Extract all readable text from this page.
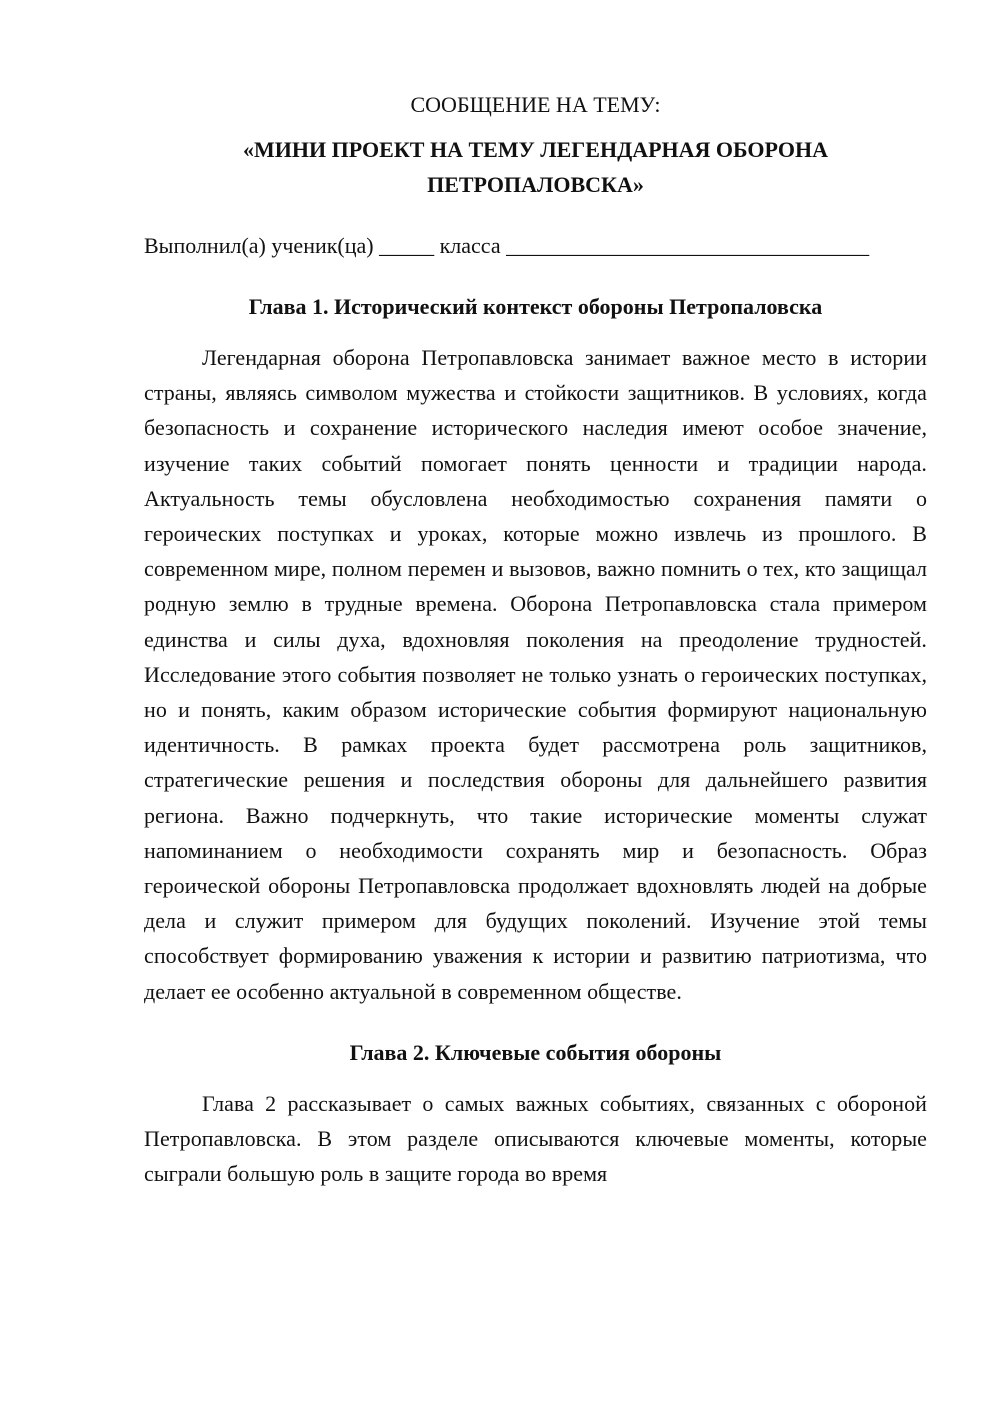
СООБЩЕНИЕ НА ТЕМУ:

«МИНИ ПРОЕКТ НА ТЕМУ ЛЕГЕНДАРНАЯ ОБОРОНА
ПЕТРОПАЛОВСКА»

Выполнил(а) ученик(ца) _____ класса _________________________________

Глава 1. Исторический контекст обороны Петропаловска

Легендарная оборона Петропавловска занимает важное место в истории страны, являясь символом мужества и стойкости защитников. В условиях, когда безопасность и сохранение исторического наследия имеют особое значение, изучение таких событий помогает понять ценности и традиции народа. Актуальность темы обусловлена необходимостью сохранения памяти о героических поступках и уроках, которые можно извлечь из прошлого. В современном мире, полном перемен и вызовов, важно помнить о тех, кто защищал родную землю в трудные времена. Оборона Петропавловска стала примером единства и силы духа, вдохновляя поколения на преодоление трудностей. Исследование этого события позволяет не только узнать о героических поступках, но и понять, каким образом исторические события формируют национальную идентичность. В рамках проекта будет рассмотрена роль защитников, стратегические решения и последствия обороны для дальнейшего развития региона. Важно подчеркнуть, что такие исторические моменты служат напоминанием о необходимости сохранять мир и безопасность. Образ героической обороны Петропавловска продолжает вдохновлять людей на добрые дела и служит примером для будущих поколений. Изучение этой темы способствует формированию уважения к истории и развитию патриотизма, что делает ее особенно актуальной в современном обществе.

Глава 2. Ключевые события обороны

Глава 2 рассказывает о самых важных событиях, связанных с обороной Петропавловска. В этом разделе описываются ключевые моменты, которые сыграли большую роль в защите города во время
